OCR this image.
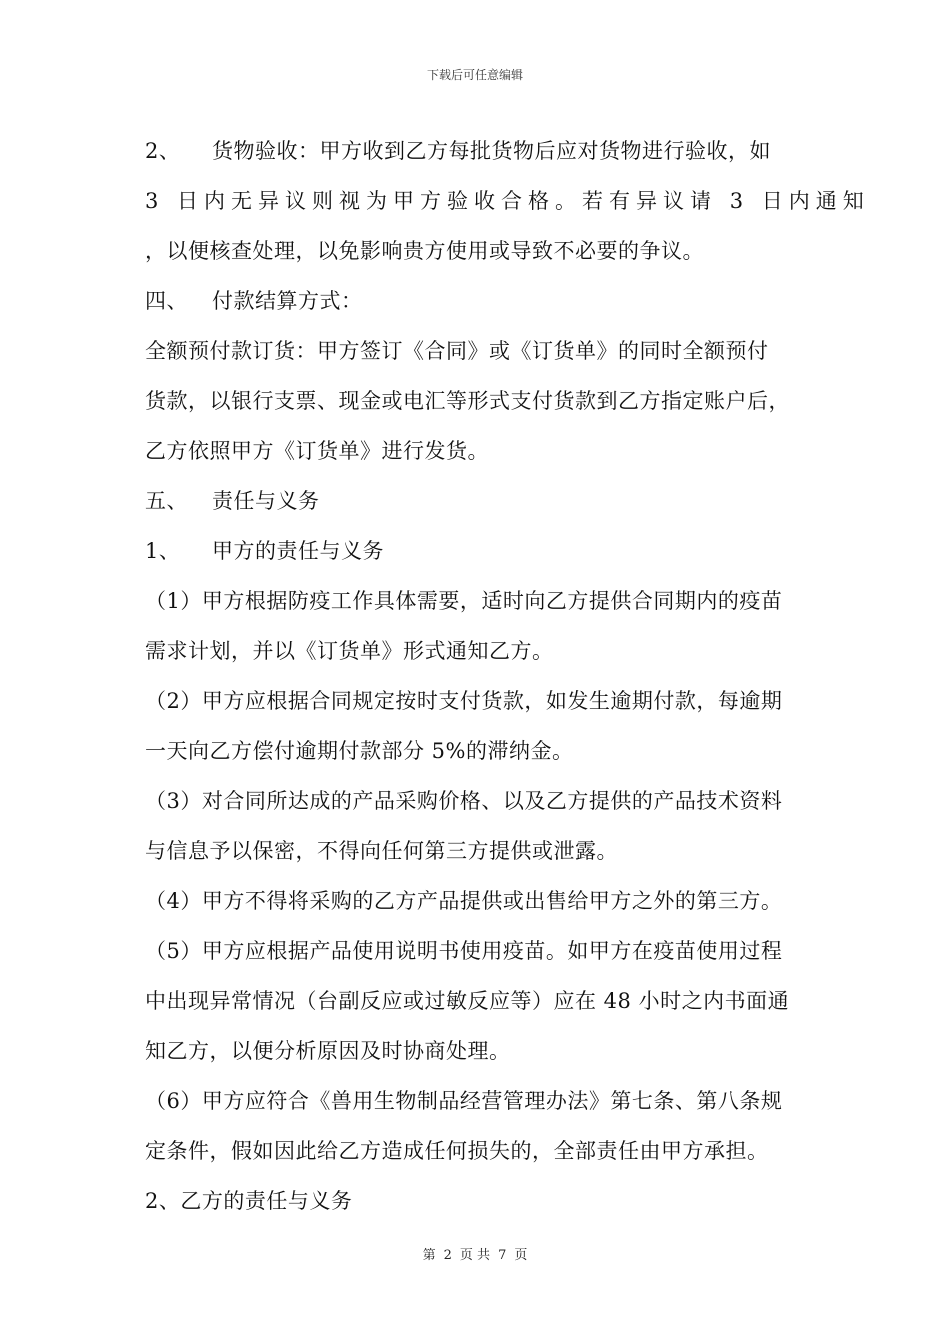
下载后可任意编辑
2、 货物验收：甲方收到乙方每批货物后应对货物进行验收，如
3 日内无异议则视为甲方验收合格。若有异议请 3 日内通知
，以便核查处理，以免影响贵方使用或导致不必要的争议。
四、 付款结算方式：
全额预付款订货：甲方签订《合同》或《订货单》的同时全额预付
货款，以银行支票、现金或电汇等形式支付货款到乙方指定账户后，
乙方依照甲方《订货单》进行发货。
五、 责任与义务
1、 甲方的责任与义务
（1）甲方根据防疫工作具体需要，适时向乙方提供合同期内的疫苗
需求计划，并以《订货单》形式通知乙方。
（2）甲方应根据合同规定按时支付货款，如发生逾期付款，每逾期
一天向乙方偿付逾期付款部分 5%的滞纳金。
（3）对合同所达成的产品采购价格、以及乙方提供的产品技术资料
与信息予以保密，不得向任何第三方提供或泄露。
（4）甲方不得将采购的乙方产品提供或出售给甲方之外的第三方。
（5）甲方应根据产品使用说明书使用疫苗。如甲方在疫苗使用过程
中出现异常情况（台副反应或过敏反应等）应在 48 小时之内书面通
知乙方，以便分析原因及时协商处理。
（6）甲方应符合《兽用生物制品经营管理办法》第七条、第八条规
定条件，假如因此给乙方造成任何损失的，全部责任由甲方承担。
2、乙方的责任与义务
第 2 页 共 7 页
